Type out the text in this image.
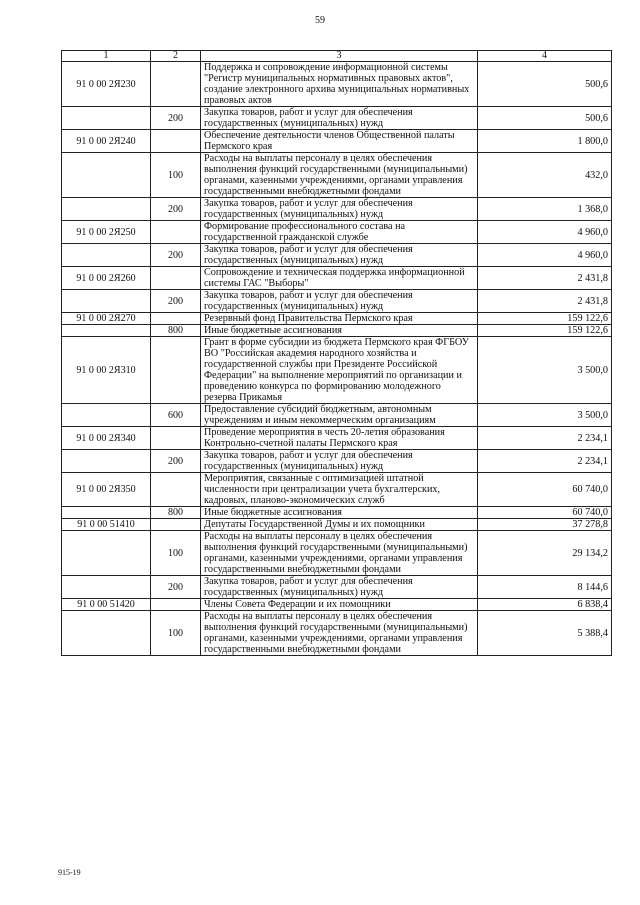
59
1	2	3	4
91 0 00 2Я230		Поддержка и сопровождение информационной системы "Регистр муниципальных нормативных правовых актов", создание электронного архива муниципальных нормативных правовых актов	500,6
	200	Закупка товаров, работ и услуг для обеспечения государственных (муниципальных) нужд	500,6
91 0 00 2Я240		Обеспечение деятельности членов Общественной палаты Пермского края	1 800,0
	100	Расходы на выплаты персоналу в целях обеспечения выполнения функций государственными (муниципальными) органами, казенными учреждениями, органами управления государственными внебюджетными фондами	432,0
	200	Закупка товаров, работ и услуг для обеспечения государственных (муниципальных) нужд	1 368,0
91 0 00 2Я250		Формирование профессионального состава на государственной гражданской службе	4 960,0
	200	Закупка товаров, работ и услуг для обеспечения государственных (муниципальных) нужд	4 960,0
91 0 00 2Я260		Сопровождение и техническая поддержка информационной системы ГАС "Выборы"	2 431,8
	200	Закупка товаров, работ и услуг для обеспечения государственных (муниципальных) нужд	2 431,8
91 0 00 2Я270		Резервный фонд Правительства Пермского края	159 122,6
	800	Иные бюджетные ассигнования	159 122,6
91 0 00 2Я310		Грант в форме субсидии из бюджета Пермского края ФГБОУ ВО "Российская академия народного хозяйства и государственной службы при Президенте Российской Федерации" на выполнение мероприятий по организации и проведению конкурса по формированию молодежного резерва Прикамья	3 500,0
	600	Предоставление субсидий бюджетным, автономным учреждениям и иным некоммерческим организациям	3 500,0
91 0 00 2Я340		Проведение мероприятия в честь 20-летия образования Контрольно-счетной палаты Пермского края	2 234,1
	200	Закупка товаров, работ и услуг для обеспечения государственных (муниципальных) нужд	2 234,1
91 0 00 2Я350		Мероприятия, связанные с оптимизацией штатной численности при централизации учета бухгалтерских, кадровых, планово-экономических служб	60 740,0
	800	Иные бюджетные ассигнования	60 740,0
91 0 00 51410		Депутаты Государственной Думы и их помощники	37 278,8
	100	Расходы на выплаты персоналу в целях обеспечения выполнения функций государственными (муниципальными) органами, казенными учреждениями, органами управления государственными внебюджетными фондами	29 134,2
	200	Закупка товаров, работ и услуг для обеспечения государственных (муниципальных) нужд	8 144,6
91 0 00 51420		Члены Совета Федерации и их помощники	6 838,4
	100	Расходы на выплаты персоналу в целях обеспечения выполнения функций государственными (муниципальными) органами, казенными учреждениями, органами управления государственными внебюджетными фондами	5 388,4
915-19
